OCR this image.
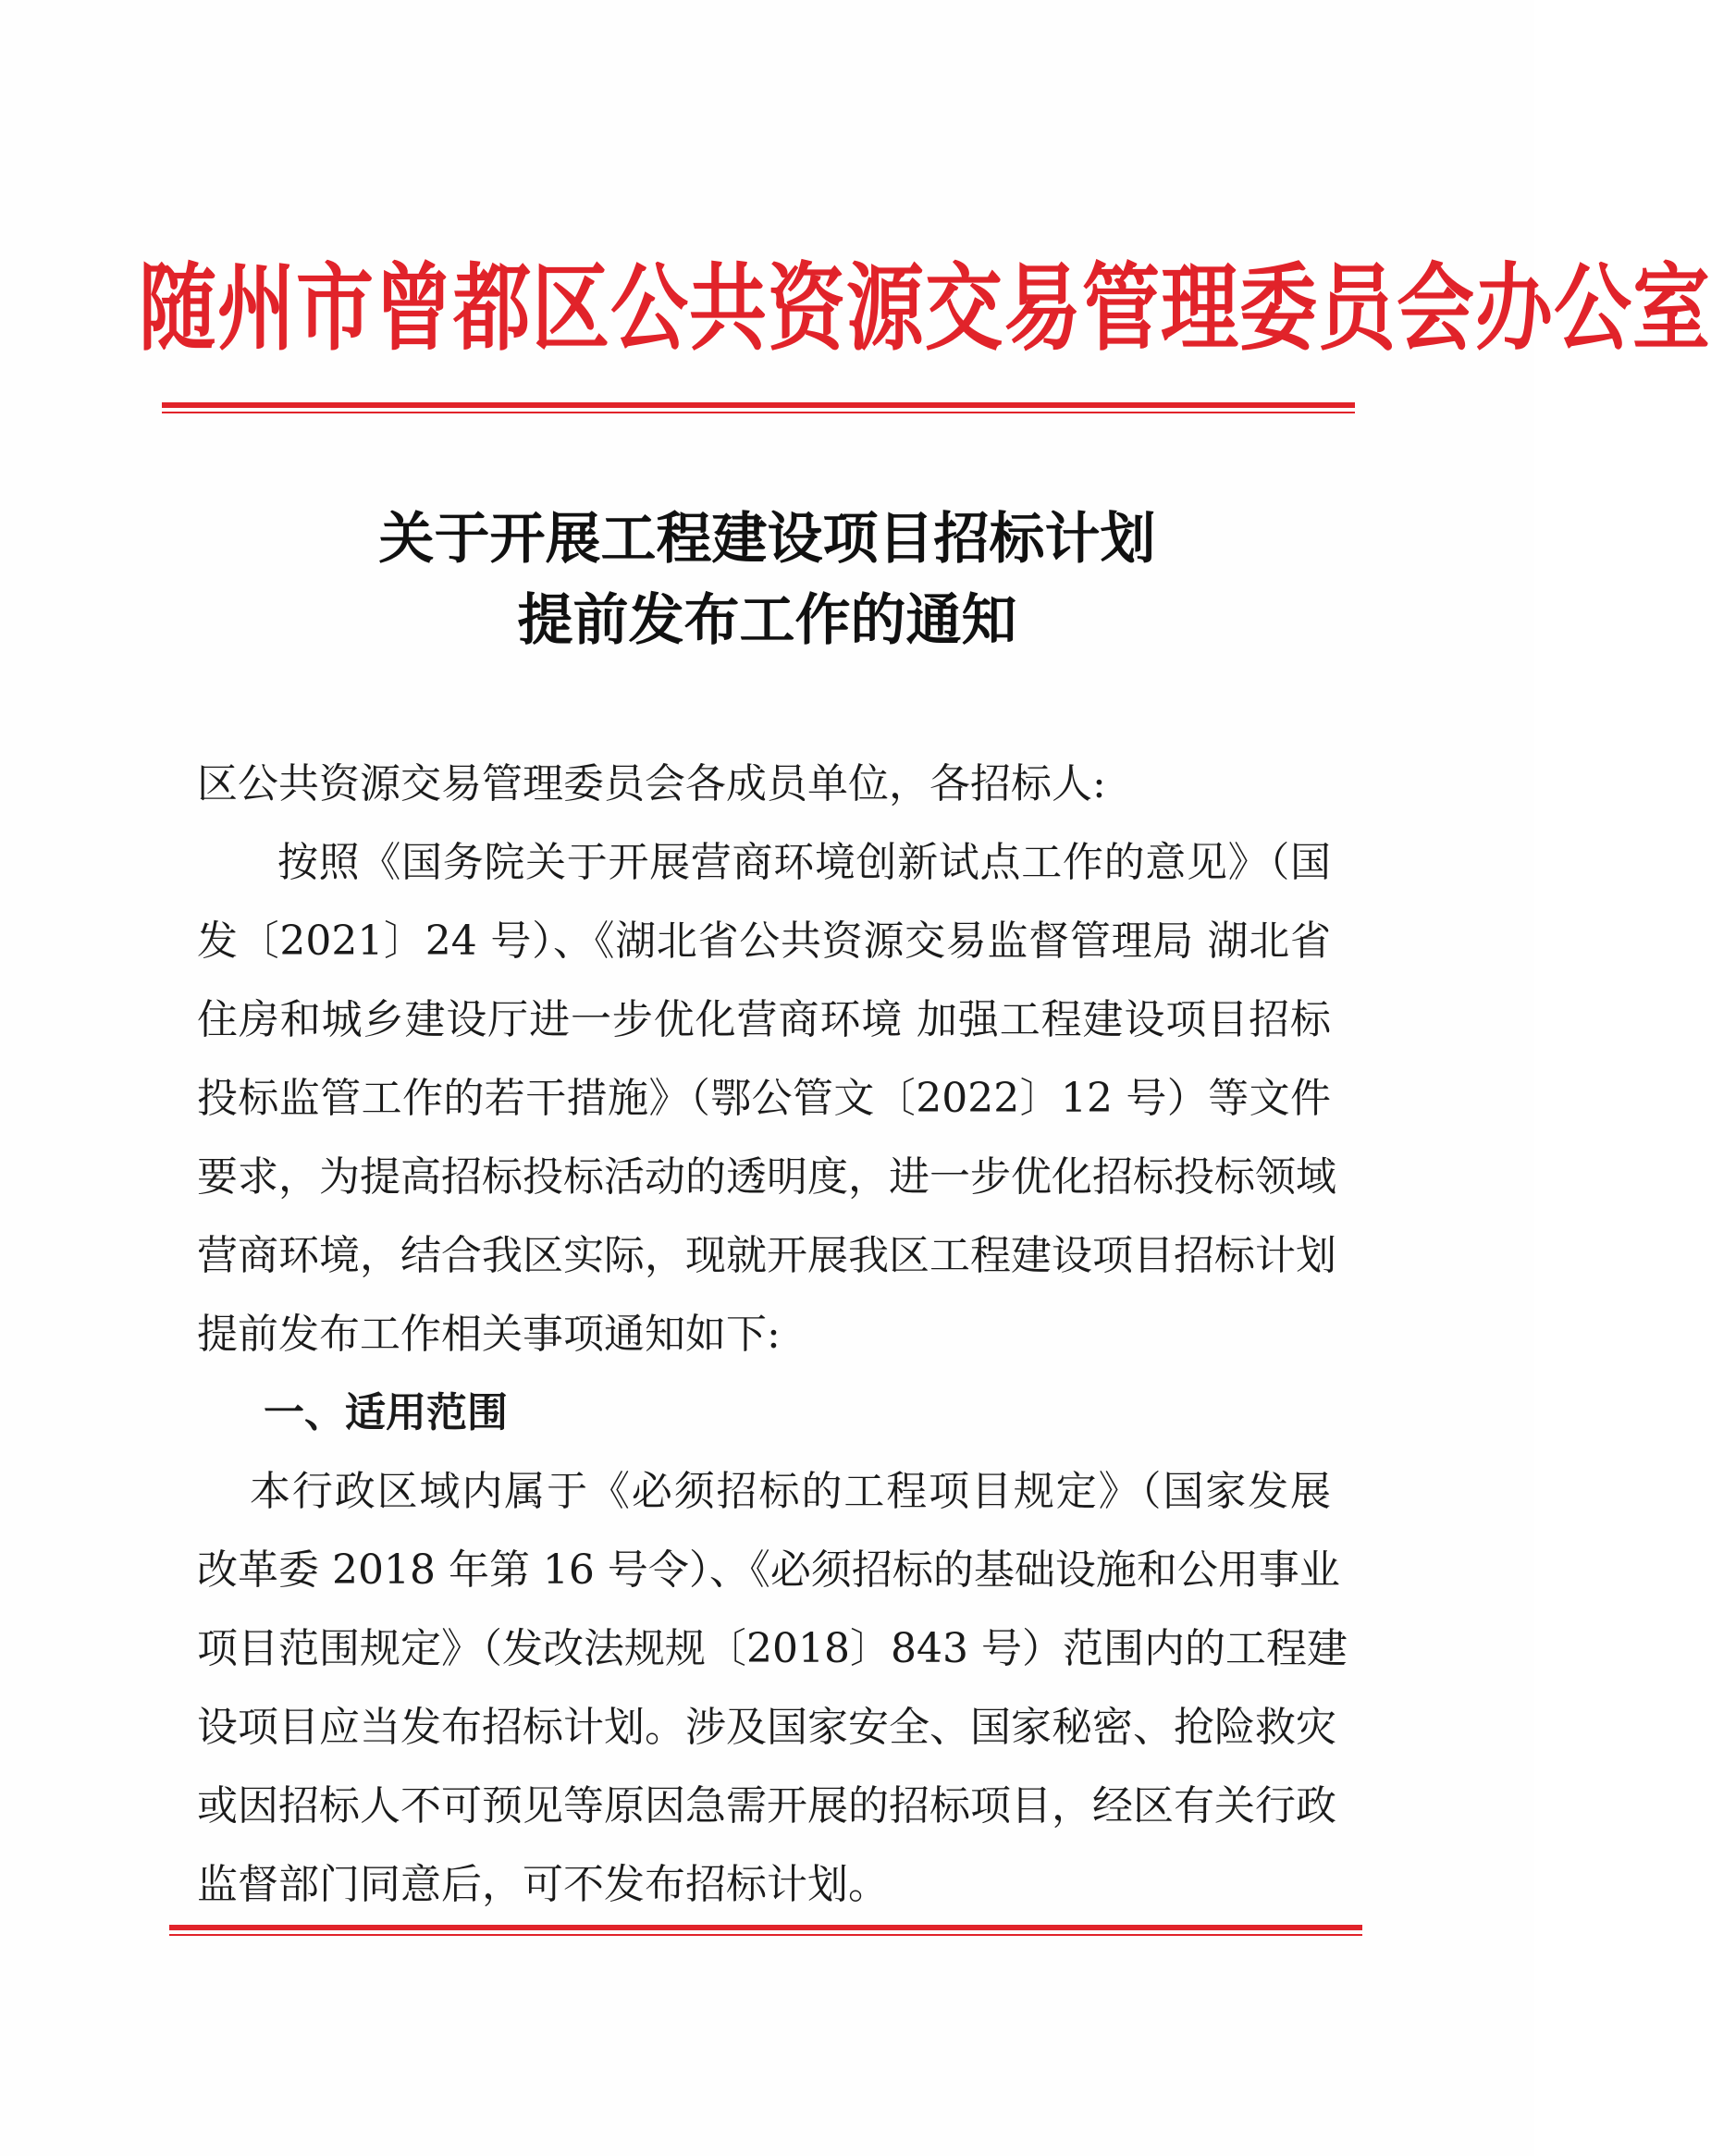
随州市曾都区公共资源交易管理委员会办公室
关于开展工程建设项目招标计划
提前发布工作的通知
区公共资源交易管理委员会各成员单位，各招标人:
按照《国务院关于开展营商环境创新试点工作的意见》（国
发〔2021〕24 号）、《湖北省公共资源交易监督管理局 湖北省
住房和城乡建设厅进一步优化营商环境 加强工程建设项目招标
投标监管工作的若干措施》（鄂公管文〔2022〕12 号）等文件
要求，为提高招标投标活动的透明度，进一步优化招标投标领域
营商环境，结合我区实际，现就开展我区工程建设项目招标计划
提前发布工作相关事项通知如下:
一、适用范围
本行政区域内属于《必须招标的工程项目规定》（国家发展
改革委 2018 年第 16 号令）、《必须招标的基础设施和公用事业
项目范围规定》（发改法规规〔2018〕843 号）范围内的工程建
设项目应当发布招标计划。涉及国家安全、国家秘密、抢险救灾
或因招标人不可预见等原因急需开展的招标项目，经区有关行政
监督部门同意后，可不发布招标计划。
